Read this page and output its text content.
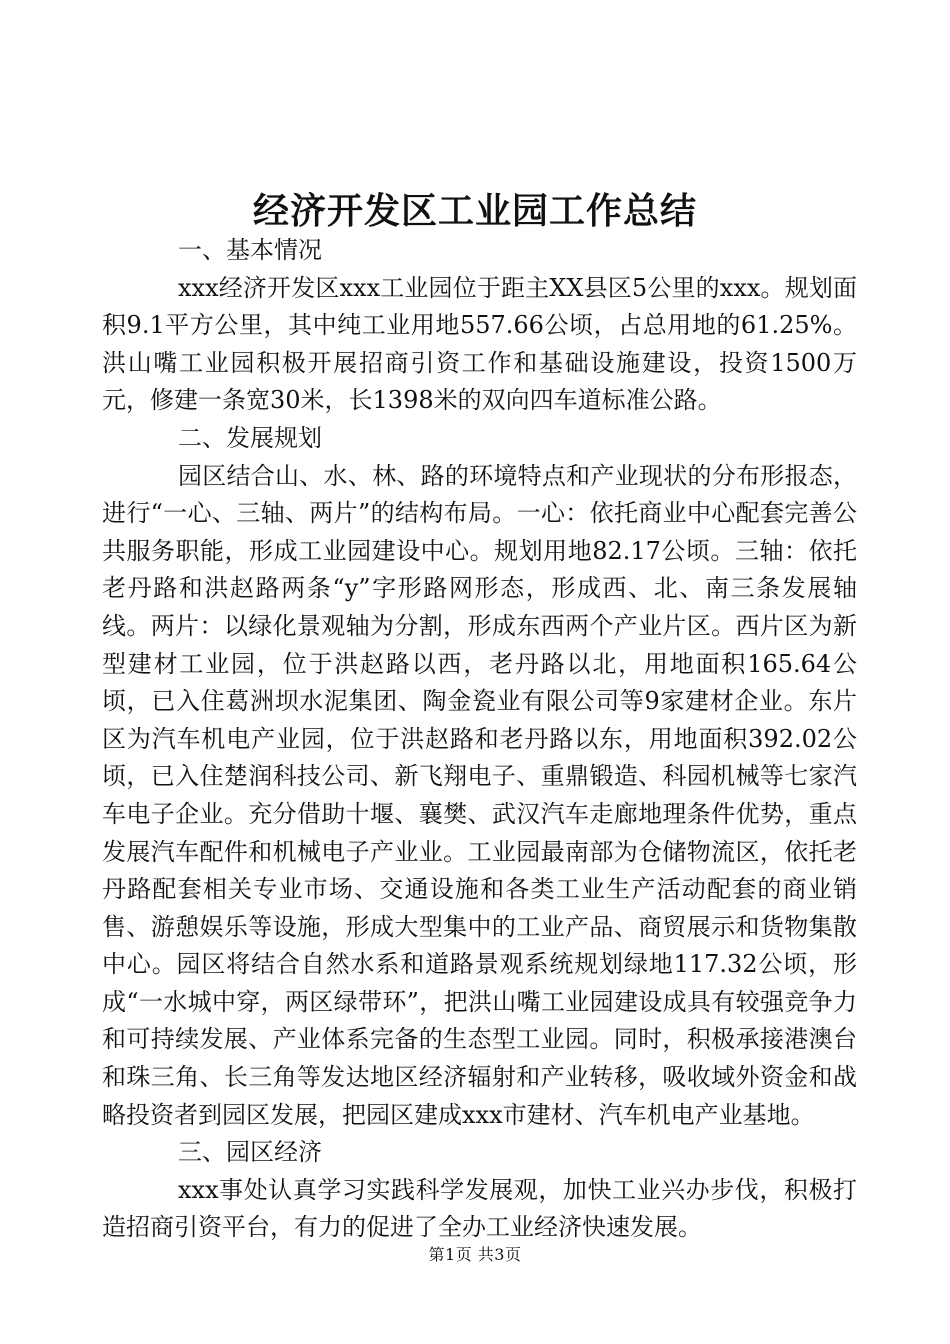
经济开发区工业园工作总结

一、基本情况

xxx经济开发区xxx工业园位于距主XX县区5公里的xxx。规划面积9.1平方公里，其中纯工业用地557.66公顷，占总用地的61.25%。洪山嘴工业园积极开展招商引资工作和基础设施建设，投资1500万元，修建一条宽30米，长1398米的双向四车道标准公路。

二、发展规划

园区结合山、水、林、路的环境特点和产业现状的分布形报态，进行“一心、三轴、两片”的结构布局。一心：依托商业中心配套完善公共服务职能，形成工业园建设中心。规划用地82.17公顷。三轴：依托老丹路和洪赵路两条“y”字形路网形态，形成西、北、南三条发展轴线。两片：以绿化景观轴为分割，形成东西两个产业片区。西片区为新型建材工业园，位于洪赵路以西，老丹路以北，用地面积165.64公顷，已入住葛洲坝水泥集团、陶金瓷业有限公司等9家建材企业。东片区为汽车机电产业园，位于洪赵路和老丹路以东，用地面积392.02公顷，已入住楚润科技公司、新飞翔电子、重鼎锻造、科园机械等七家汽车电子企业。充分借助十堰、襄樊、武汉汽车走廊地理条件优势，重点发展汽车配件和机械电子产业业。工业园最南部为仓储物流区，依托老丹路配套相关专业市场、交通设施和各类工业生产活动配套的商业销售、游憩娱乐等设施，形成大型集中的工业产品、商贸展示和货物集散中心。园区将结合自然水系和道路景观系统规划绿地117.32公顷，形成“一水城中穿，两区绿带环”，把洪山嘴工业园建设成具有较强竞争力和可持续发展、产业体系完备的生态型工业园。同时，积极承接港澳台和珠三角、长三角等发达地区经济辐射和产业转移，吸收域外资金和战略投资者到园区发展，把园区建成xxx市建材、汽车机电产业基地。

三、园区经济

xxx事处认真学习实践科学发展观，加快工业兴办步伐，积极打造招商引资平台，有力的促进了全办工业经济快速发展。

第1页 共3页
